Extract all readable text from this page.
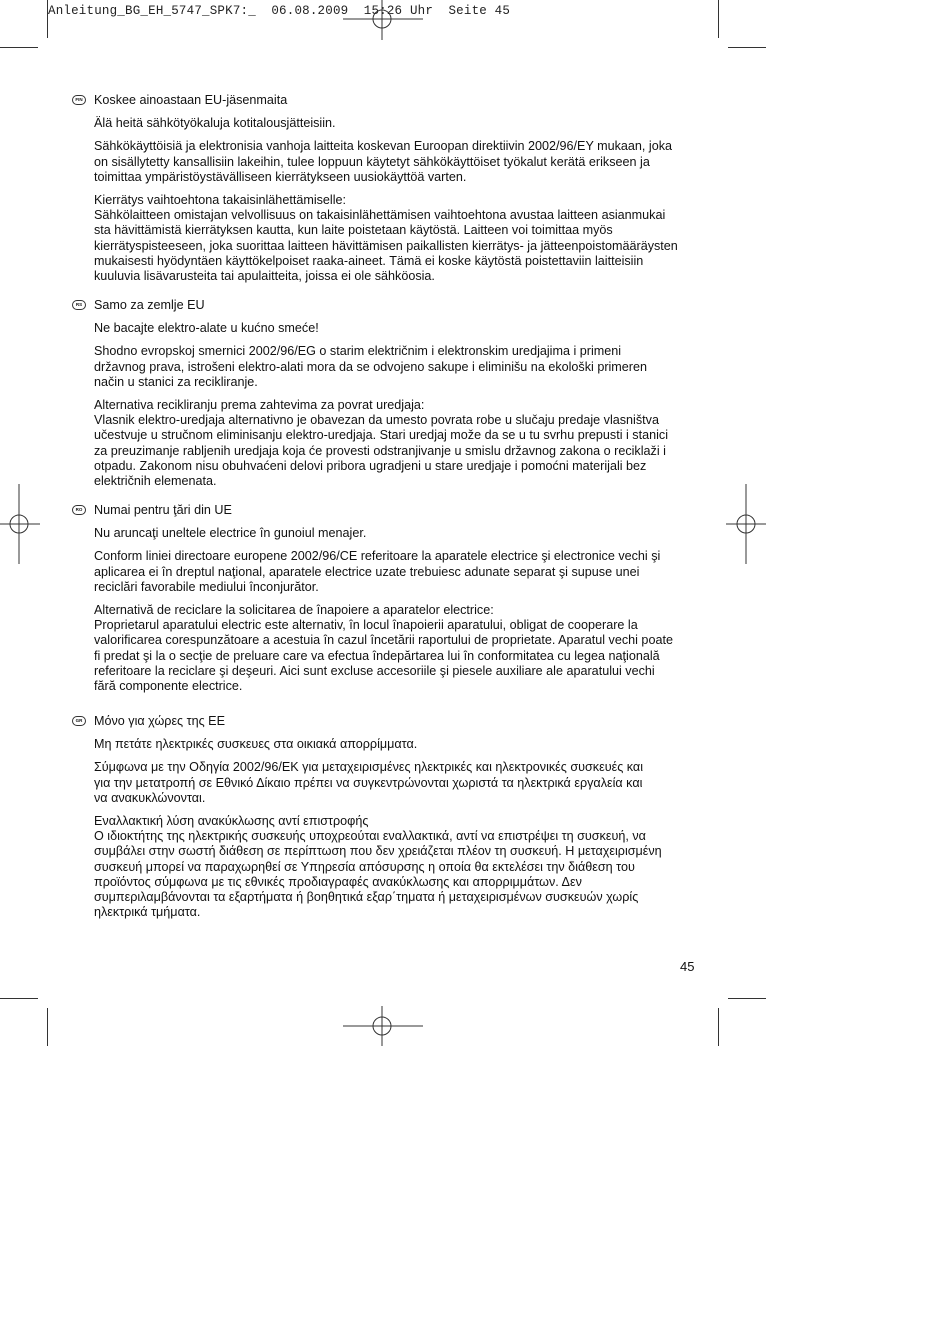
Anleitung_BG_EH_5747_SPK7:_  06.08.2009  15:26 Uhr  Seite 45
FIN Koskee ainoastaan EU-jäsenmaita

Älä heitä sähkötyökaluja kotitalousjätteisiin.

Sähkökäyttöisiä ja elektronisia vanhoja laitteita koskevan Euroopan direktiivin 2002/96/EY mukaan, joka
on sisällytetty kansallisiin lakeihin, tulee loppuun käytetyt sähkökäyttöiset työkalut kerätä erikseen ja
toimittaa ympäristöystävälliseen kierrätykseen uusiokäyttöä varten.

Kierrätys vaihtoehtona takaisinlähettämiselle:
Sähkölaitteen omistajan velvollisuus on takaisinlähettämisen vaihtoehtona avustaa laitteen asianmukai
sta hävittämistä kierrätyksen kautta, kun laite poistetaan käytöstä. Laitteen voi toimittaa myös
kierrätyspisteeseen, joka suorittaa laitteen hävittämisen paikallisten kierrätys- ja jätteenpoistomääräysten
mukaisesti hyödyntäen käyttökelpoiset raaka-aineet. Tämä ei koske käytöstä poistettaviin laitteisiin
kuuluvia lisävarusteita tai apulaitteita, joissa ei ole sähköosia.

RS Samo za zemlje EU

Ne bacajte elektro-alate u kućno smeće!

Shodno evropskoj smernici 2002/96/EG o starim električnim i elektronskim uredjajima i primeni
državnog prava, istrošeni elektro-alati mora da se odvojeno sakupe i eliminišu na ekološki primeren
način u stanici za recikliranje.

Alternativa recikliranju prema zahtevima za povrat uredjaja:
Vlasnik elektro-uredjaja alternativno je obavezan da umesto povrata robe u slučaju predaje vlasništva
učestvuje u stručnom eliminisanju elektro-uredjaja. Stari uredjaj može da se u tu svrhu prepusti i stanici
za preuzimanje rabljenih uredjaja koja će provesti odstranjivanje u smislu državnog zakona o reciklaži i
otpadu. Zakonom nisu obuhvaćeni delovi pribora ugradjeni u stare uredjaje i pomoćni materijali bez
električnih elemenata.

RO Numai pentru ţări din UE

Nu aruncaţi uneltele electrice în gunoiul menajer.

Conform liniei directoare europene 2002/96/CE referitoare la aparatele electrice şi electronice vechi şi
aplicarea ei în dreptul naţional, aparatele electrice uzate trebuiesc adunate separat şi supuse unei
reciclări favorabile mediului înconjurător.

Alternativă de reciclare la solicitarea de înapoiere a aparatelor electrice:
Proprietarul aparatului electric este alternativ, în locul înapoierii aparatului, obligat de cooperare la
valorificarea corespunzătoare a acestuia în cazul încetării raportului de proprietate. Aparatul vechi poate
fi predat şi la o secţie de preluare care va efectua îndepărtarea lui în conformitatea cu legea naţională
referitoare la reciclare şi deşeuri. Aici sunt excluse accesoriile şi piesele auxiliare ale aparatului vechi
fără componente electrice.

GR Μόνο για χώρες της ΕΕ

Μη πετάτε ηλεκτρικές συσκευες στα οικιακά απορρίμματα.

Σύμφωνα με την Οδηγία 2002/96/ΕΚ για μεταχειρισμένες ηλεκτρικές και ηλεκτρονικές συσκευές και
για την μετατροπή σε Εθνικό Δίκαιο πρέπει να συγκεντρώνονται χωριστά τα ηλεκτρικά εργαλεία και
να ανακυκλώνονται.

Εναλλακτική λύση ανακύκλωσης αντί επιστροφής
O ιδιοκτήτης της ηλεκτρικής συσκευής υποχρεούται εναλλακτικά, αντί να επιστρέψει τη συσκευή, να
συμβάλει στην σωστή διάθεση σε περίπτωση που δεν χρειάζεται πλέον τη συσκευή. Η μεταχειρισμένη
συσκευή μπορεί να παραχωρηθεί σε Υπηρεσία απόσυρσης η οποία θα εκτελέσει την διάθεση του
προϊόντος σύμφωνα με τις εθνικές προδιαγραφές ανακύκλωσης και απορριμμάτων. Δεν
συμπεριλαμβάνονται τα εξαρτήματα ή βοηθητικά εξαρ΄τηματα ή μεταχειρισμένων συσκευών χωρίς
ηλεκτρικά τμήματα.

45
